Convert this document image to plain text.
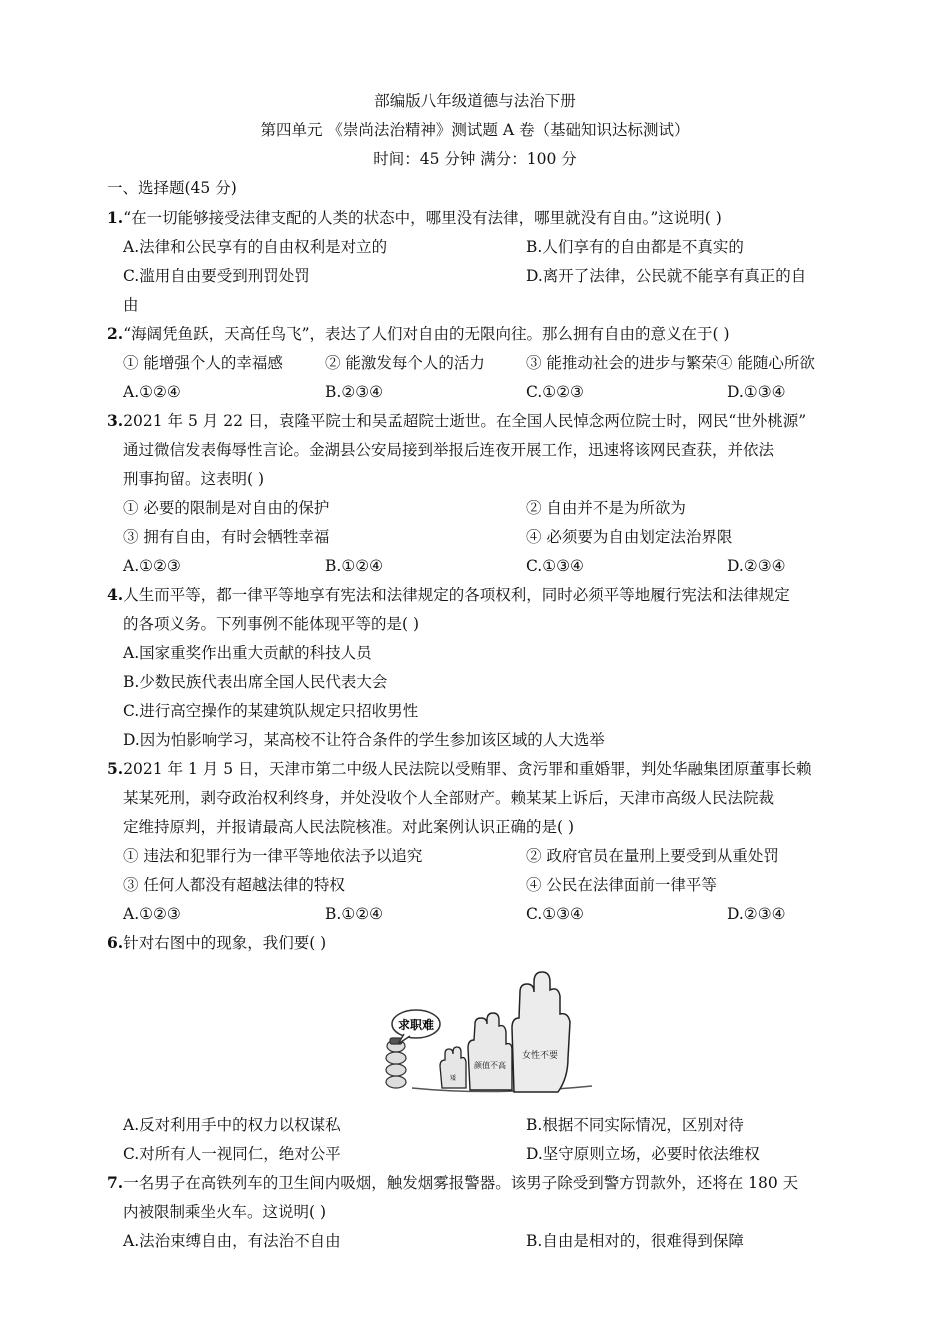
部编版八年级道德与法治下册
第四单元 《崇尚法治精神》测试题 A 卷（基础知识达标测试）
时间：45 分钟 满分：100 分
一、选择题(45 分)
1.“在一切能够接受法律支配的人类的状态中，哪里没有法律，哪里就没有自由。”这说明( )
A.法律和公民享有的自由权利是对立的	B.人们享有的自由都是不真实的
C.滥用自由要受到刑罚处罚	D.离开了法律，公民就不能享有真正的自
由
2.“海阔凭鱼跃，天高任鸟飞”，表达了人们对自由的无限向往。那么拥有自由的意义在于( )
① 能增强个人的幸福感	② 能激发每个人的活力	③ 能推动社会的进步与繁荣④ 能随心所欲
A.①②④	B.②③④	C.①②③	D.①③④
3.2021 年 5 月 22 日，袁隆平院士和吴孟超院士逝世。在全国人民悼念两位院士时，网民“世外桃源”
通过微信发表侮辱性言论。金湖县公安局接到举报后连夜开展工作，迅速将该网民查获，并依法
刑事拘留。这表明( )
① 必要的限制是对自由的保护	② 自由并不是为所欲为
③ 拥有自由，有时会牺牲幸福	④ 必须要为自由划定法治界限
A.①②③	B.①②④	C.①③④	D.②③④
4.人生而平等，都一律平等地享有宪法和法律规定的各项权利，同时必须平等地履行宪法和法律规定
的各项义务。下列事例不能体现平等的是( )
A.国家重奖作出重大贡献的科技人员
B.少数民族代表出席全国人民代表大会
C.进行高空操作的某建筑队规定只招收男性
D.因为怕影响学习，某高校不让符合条件的学生参加该区域的人大选举
5.2021 年 1 月 5 日，天津市第二中级人民法院以受贿罪、贪污罪和重婚罪，判处华融集团原董事长赖
某某死刑，剥夺政治权利终身，并处没收个人全部财产。赖某某上诉后，天津市高级人民法院裁
定维持原判，并报请最高人民法院核准。对此案例认识正确的是( )
① 违法和犯罪行为一律平等地依法予以追究	② 政府官员在量刑上要受到从重处罚
③ 任何人都没有超越法律的特权	④ 公民在法律面前一律平等
A.①②③	B.①②④	C.①③④	D.②③④
6.针对右图中的现象，我们要( )
求职难
矮
颜值不高
女性不要
A.反对利用手中的权力以权谋私	B.根据不同实际情况，区别对待
C.对所有人一视同仁，绝对公平	D.坚守原则立场，必要时依法维权
7.一名男子在高铁列车的卫生间内吸烟，触发烟雾报警器。该男子除受到警方罚款外，还将在 180 天
内被限制乘坐火车。这说明( )
A.法治束缚自由，有法治不自由	B.自由是相对的，很难得到保障
